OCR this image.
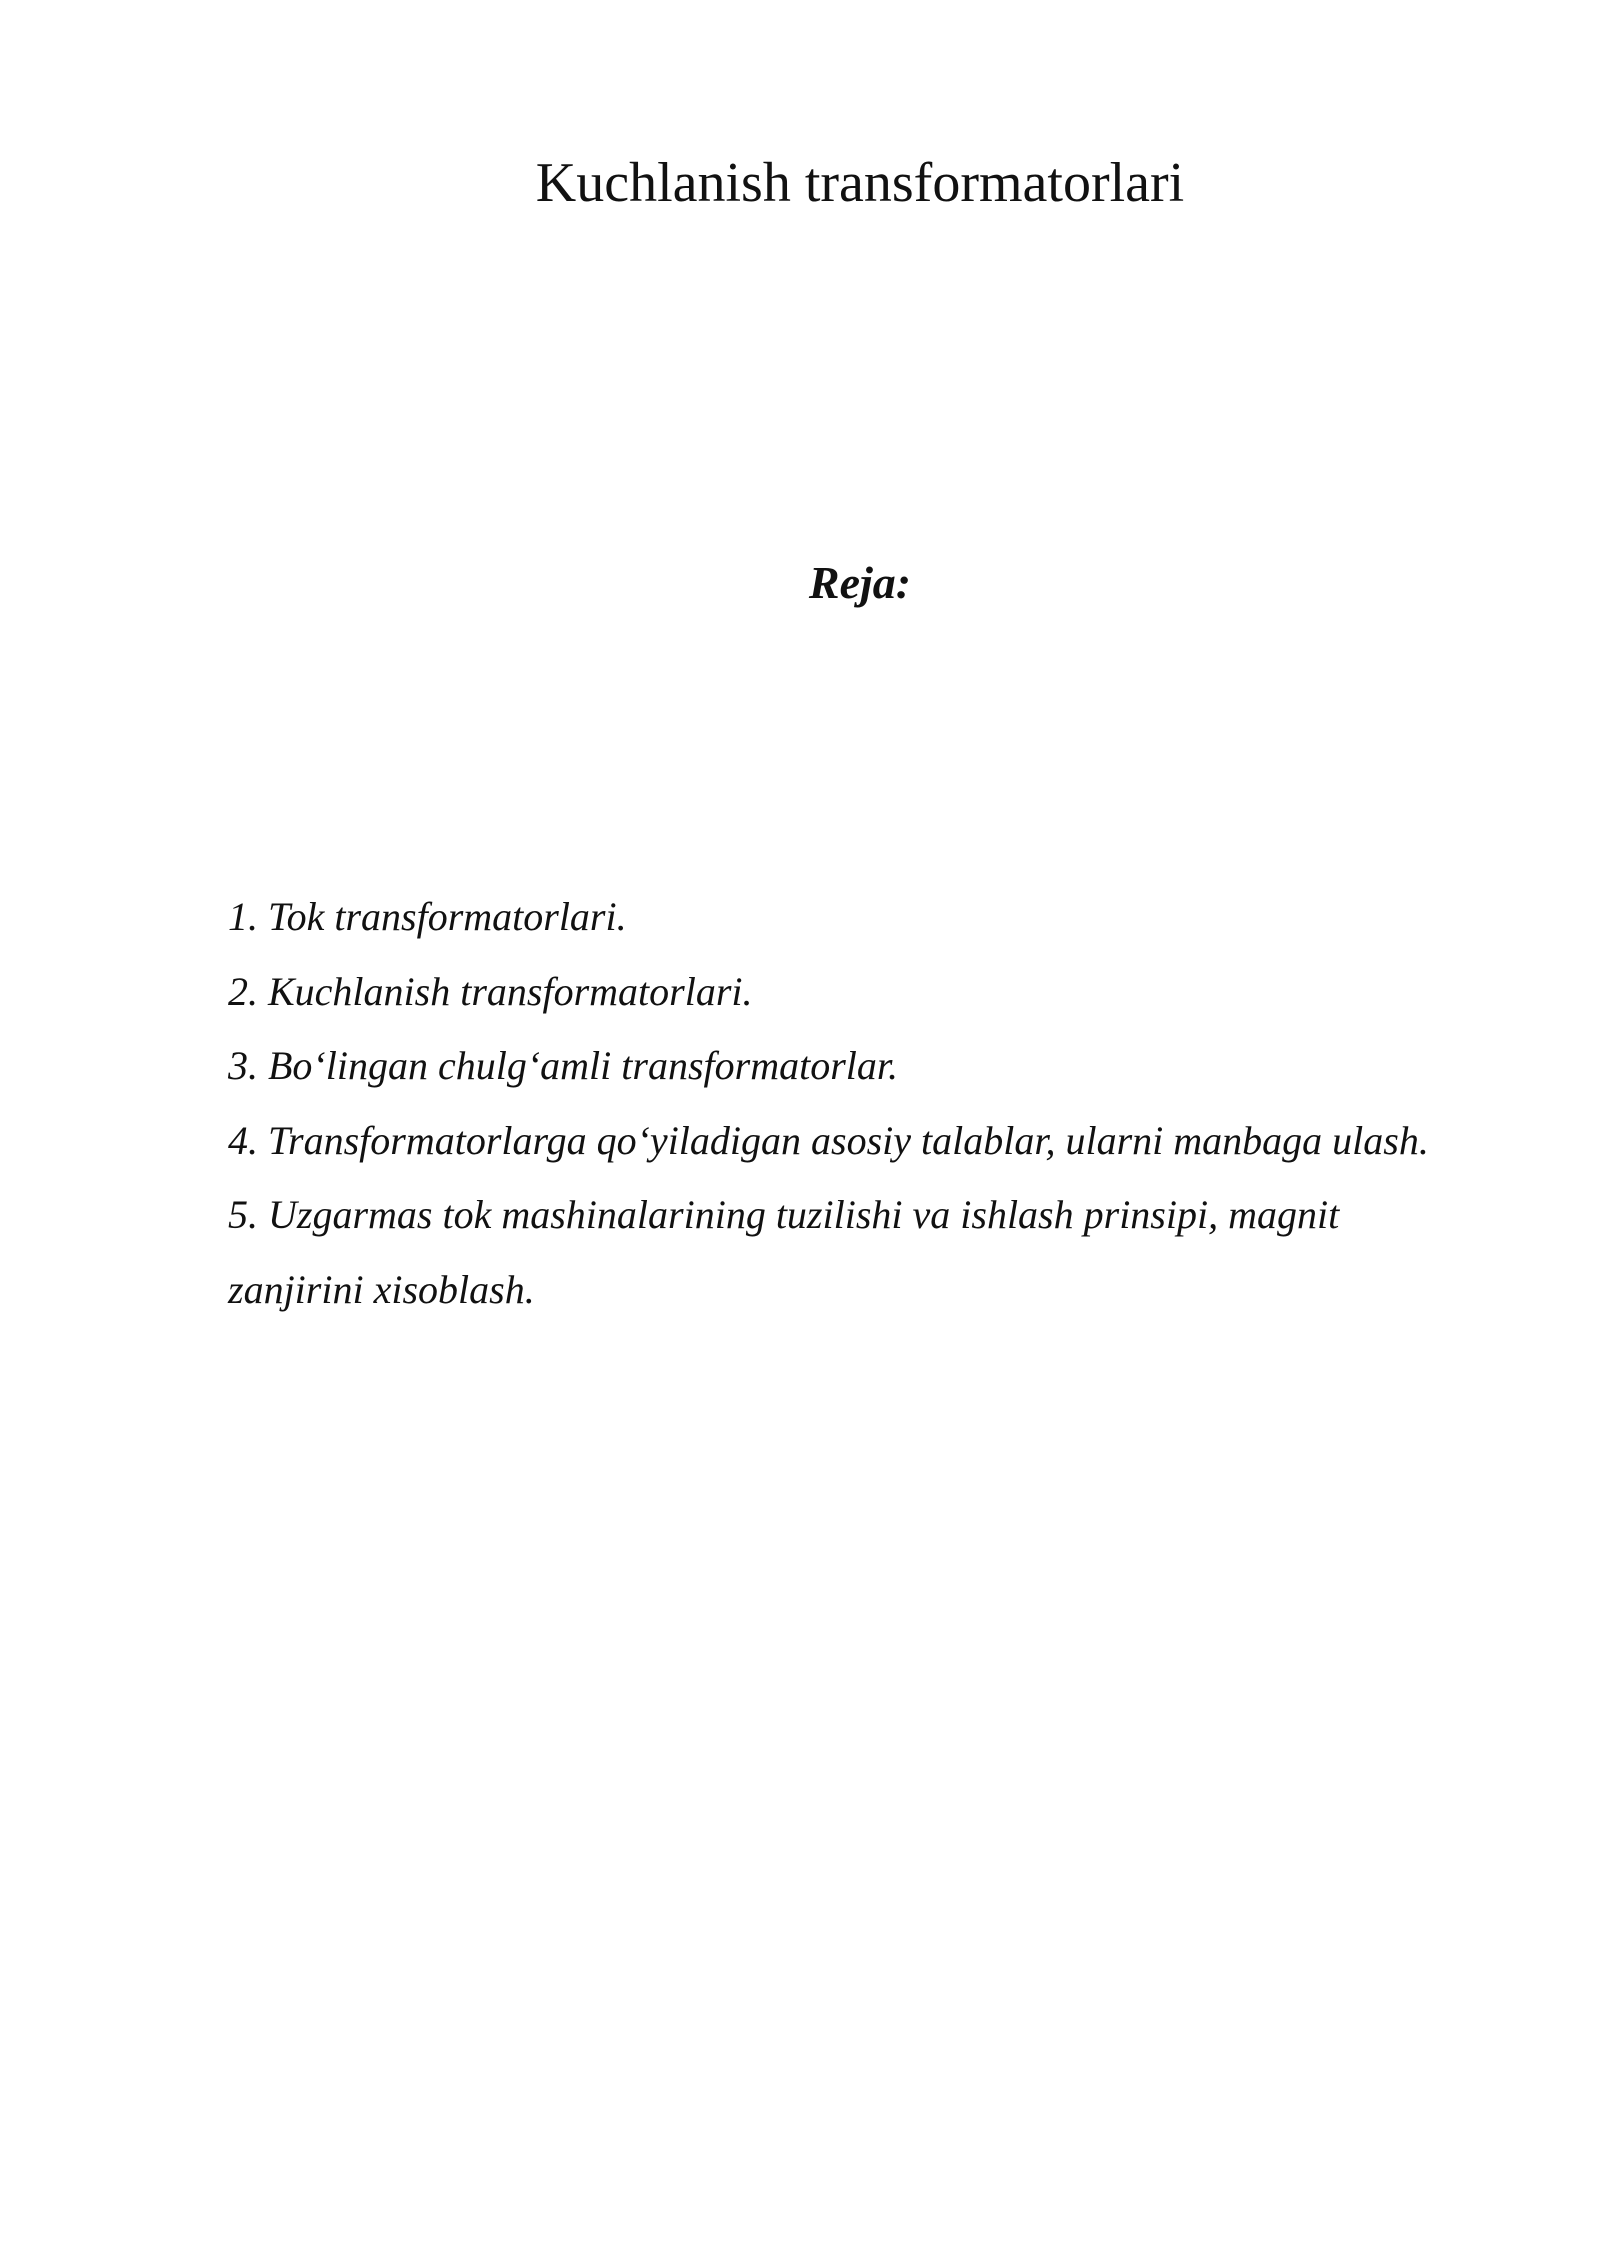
Kuchlanish transformatorlari
Reja:
1. Tok transformatorlari.
2. Kuchlanish transformatorlari.
3. Bo‘lingan chulg‘amli transformatorlar.
4. Transformatorlarga qo‘yiladigan asosiy talablar, ularni manbaga ulash.
5. Uzgarmas tok mashinalarining tuzilishi va ishlash prinsipi, magnit zanjirini xisoblash.
